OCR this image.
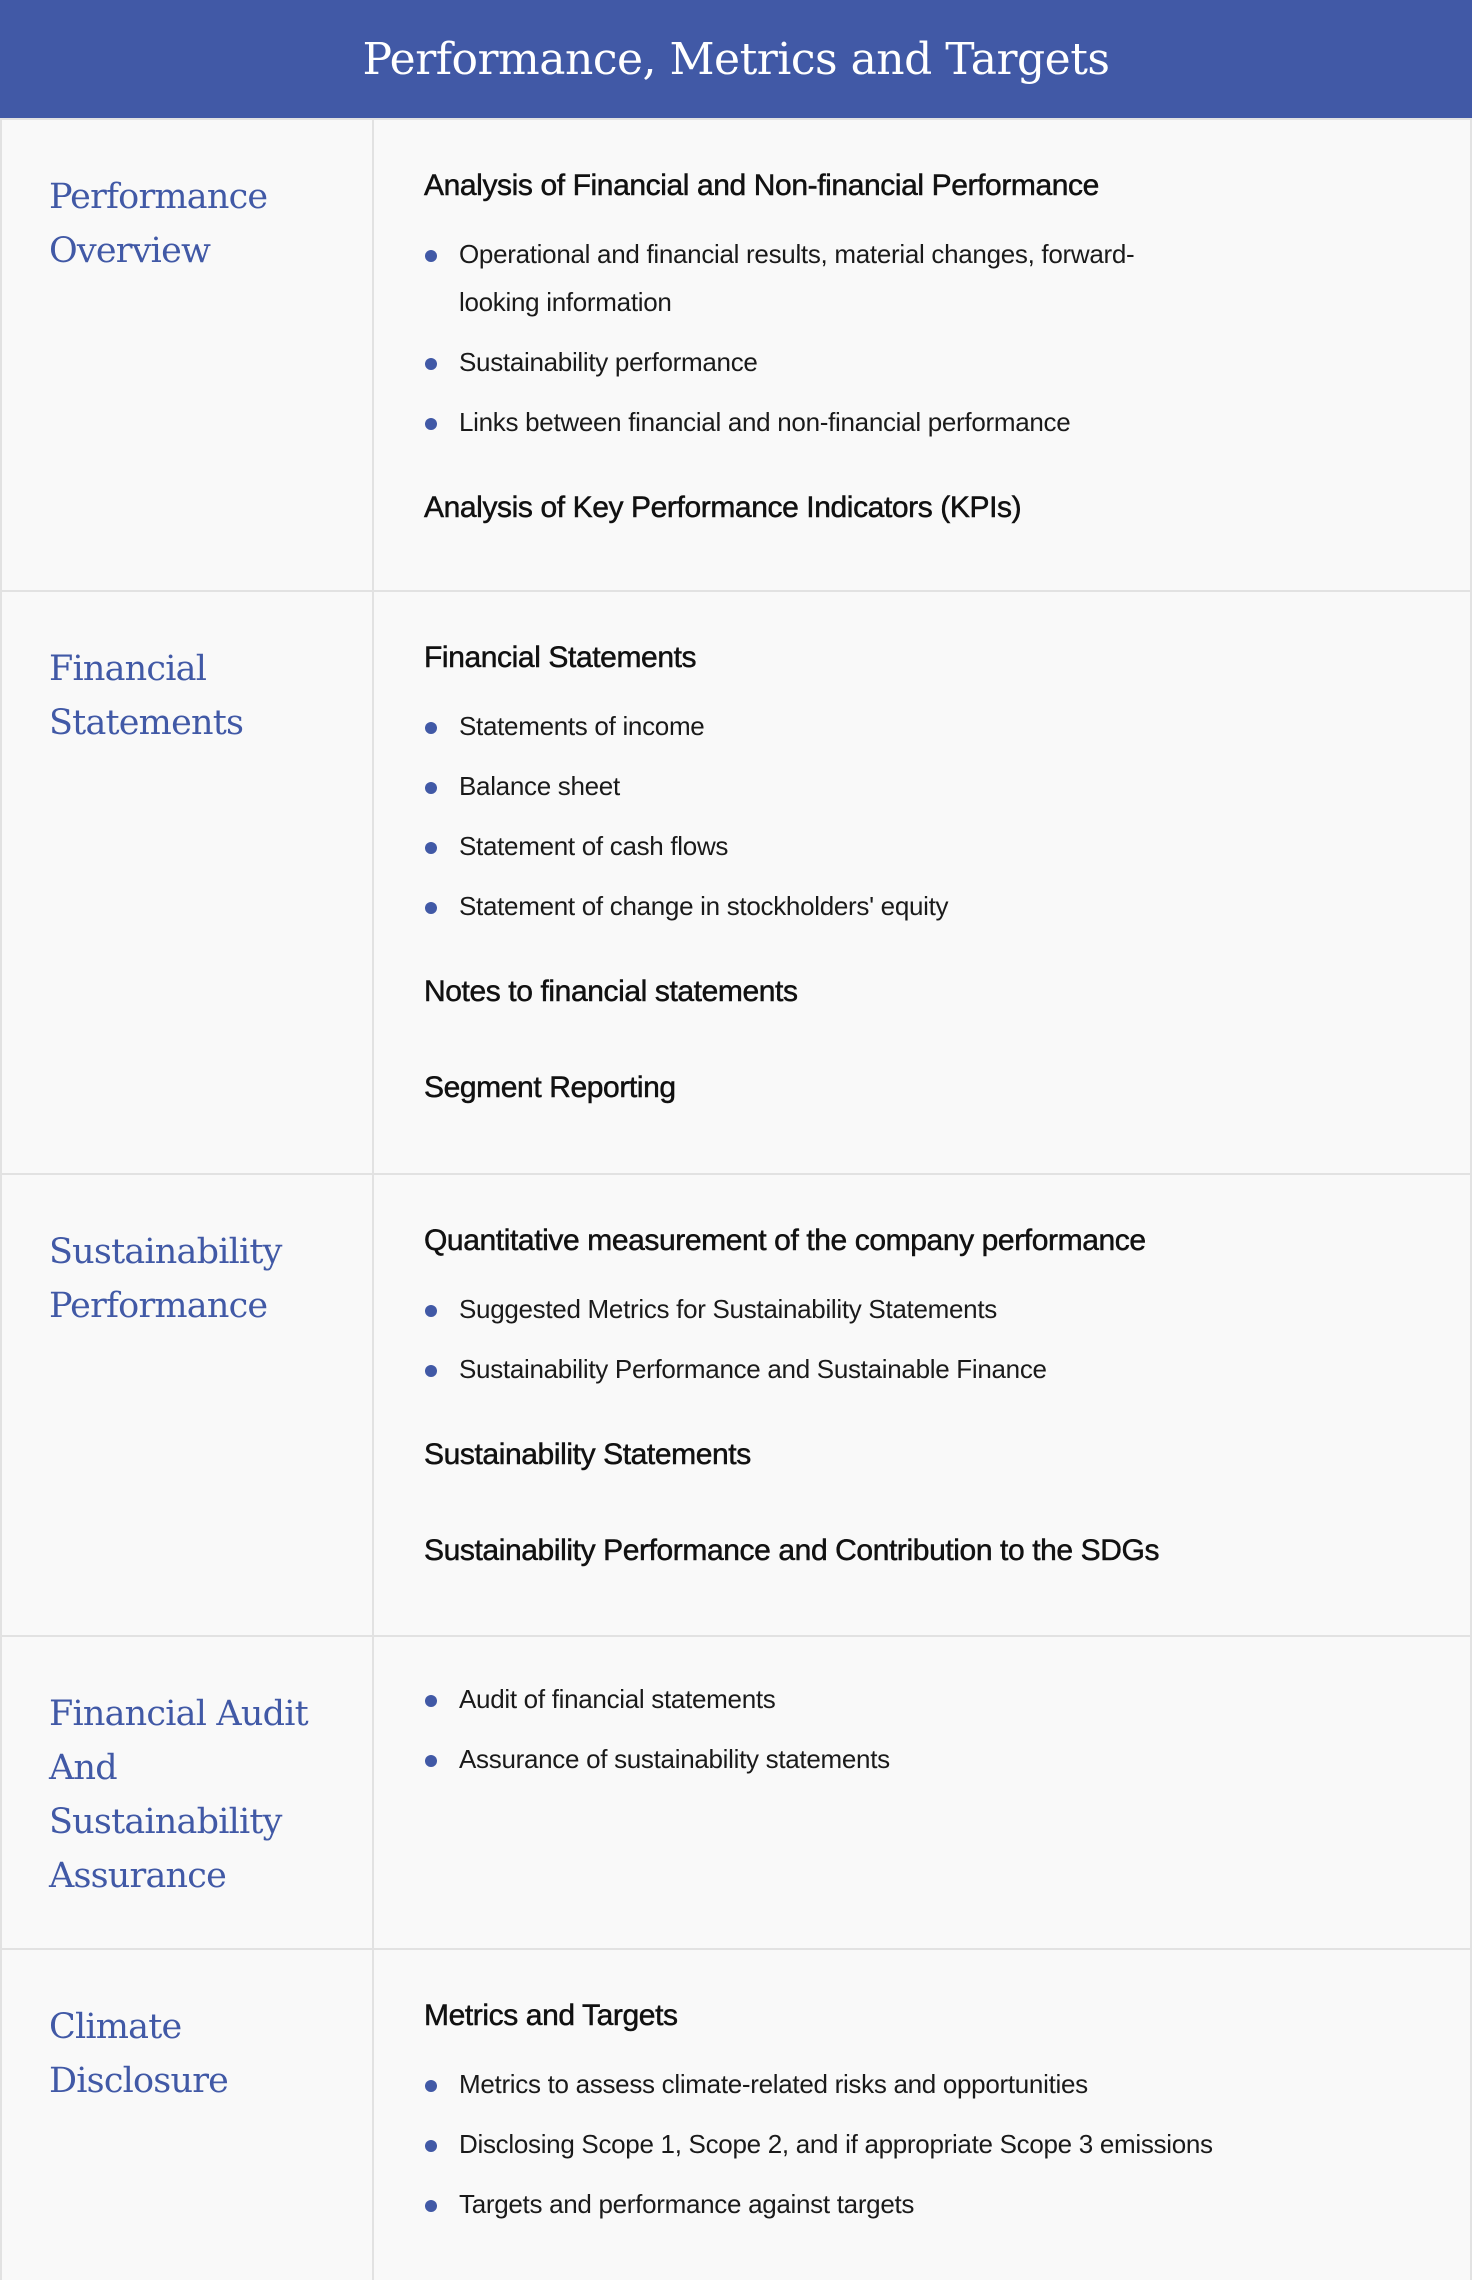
Performance, Metrics and Targets
Performance Overview
Analysis of Financial and Non-financial Performance
Operational and financial results, material changes, forward-looking information
Sustainability performance
Links between financial and non-financial performance
Analysis of Key Performance Indicators (KPIs)
Financial Statements
Financial Statements
Statements of income
Balance sheet
Statement of cash flows
Statement of change in stockholders' equity
Notes to financial statements
Segment Reporting
Sustainability Performance
Quantitative measurement of the company performance
Suggested Metrics for Sustainability Statements
Sustainability Performance and Sustainable Finance
Sustainability Statements
Sustainability Performance and Contribution to the SDGs
Financial Audit And Sustainability Assurance
Audit of financial statements
Assurance of sustainability statements
Climate Disclosure
Metrics and Targets
Metrics to assess climate-related risks and opportunities
Disclosing Scope 1, Scope 2, and if appropriate Scope 3 emissions
Targets and performance against targets
